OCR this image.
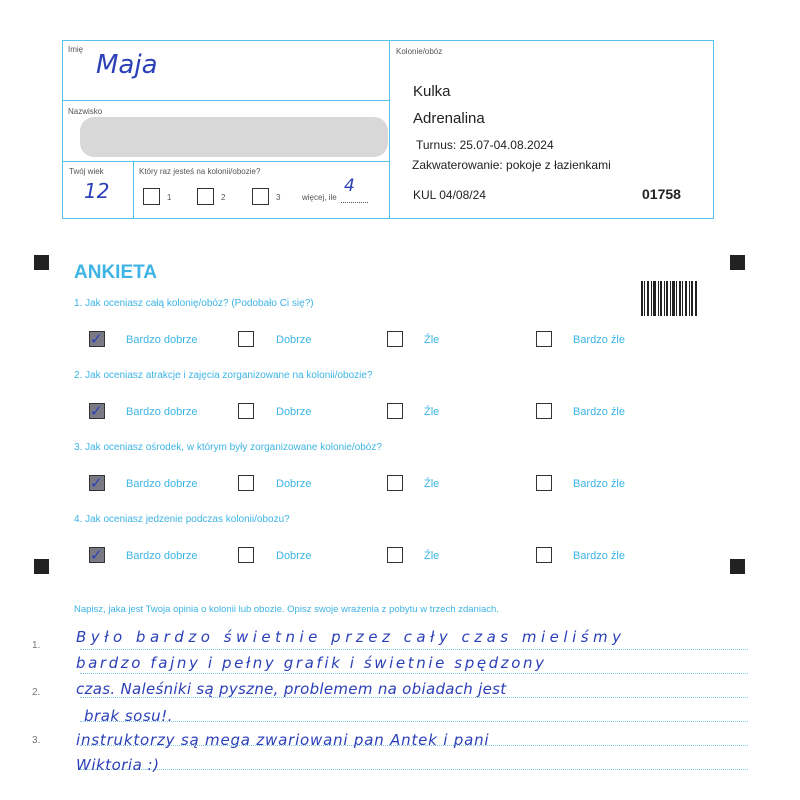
Imię
Maja
Nazwisko
Twój wiek
12
Który raz jesteś na kolonii/obozie?
1	2	3	więcej, ile
4
Kolonie/obóz
Kulka
Adrenalina
Turnus: 25.07-04.08.2024
Zakwaterowanie: pokoje z łazienkami
KUL 04/08/24	01758
ANKIETA
1. Jak oceniasz całą kolonię/obóz? (Podobało Ci się?)
✓ Bardzo dobrze	Dobrze	Źle	Bardzo źle
2. Jak oceniasz atrakcje i zajęcia zorganizowane na kolonii/obozie?
✓ Bardzo dobrze	Dobrze	Źle	Bardzo źle
3. Jak oceniasz ośrodek, w którym były zorganizowane kolonie/obóz?
✓ Bardzo dobrze	Dobrze	Źle	Bardzo źle
4. Jak oceniasz jedzenie podczas kolonii/obozu?
✓ Bardzo dobrze	Dobrze	Źle	Bardzo źle
Napisz, jaka jest Twoja opinia o kolonii lub obozie. Opisz swoje wrażenia z pobytu w trzech zdaniach.
1.
2.
3.
Było bardzo świetnie przez cały czas mieliśmy
bardzo fajny i pełny grafik i świetnie spędzony
czas. Naleśniki są pyszne, problemem na obiadach jest
brak sosu!.
instruktorzy są mega zwariowani pan Antek i pani
Wiktoria :)
